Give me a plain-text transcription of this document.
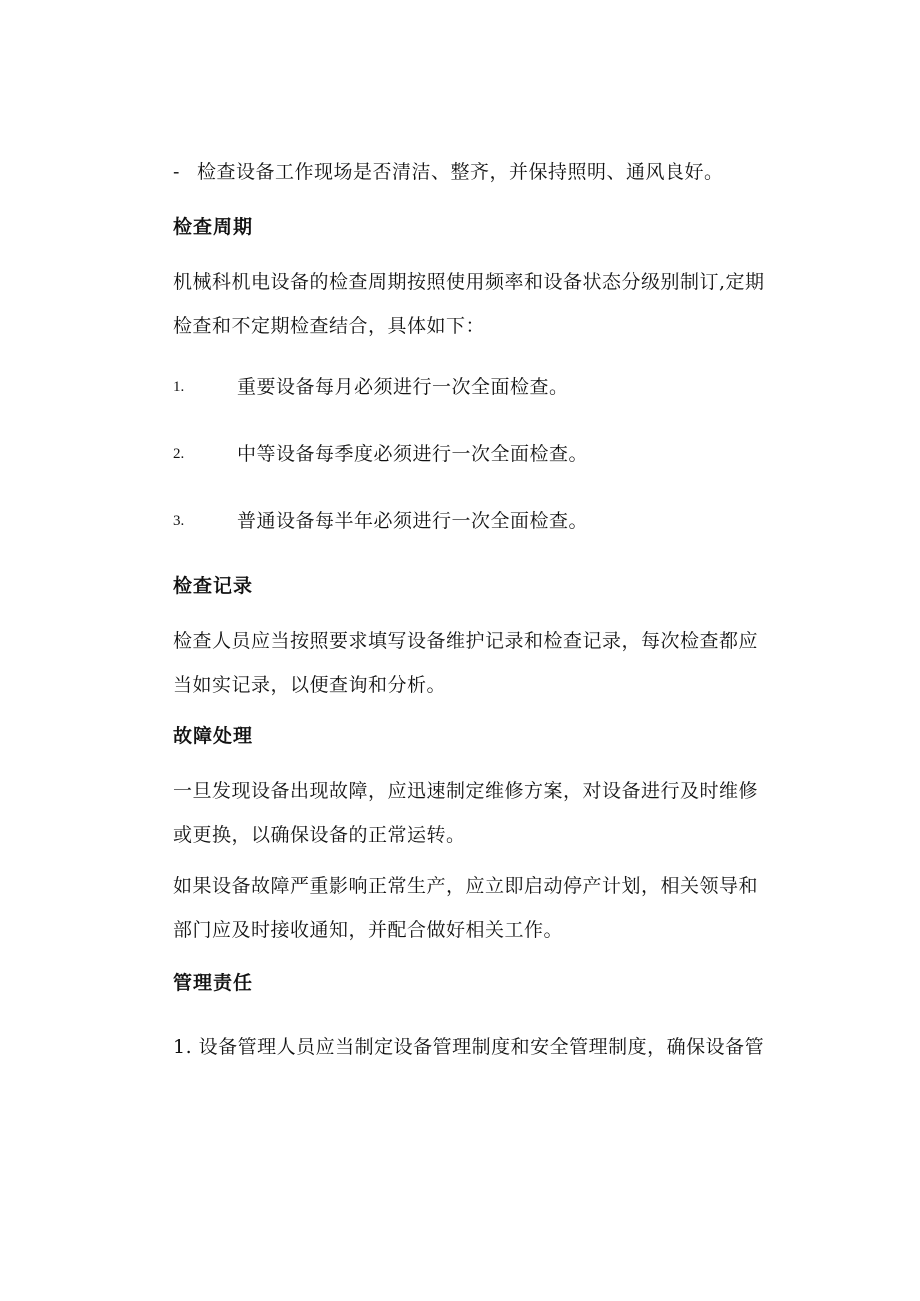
- 检查设备工作现场是否清洁、整齐，并保持照明、通风良好。
检查周期
机械科机电设备的检查周期按照使用频率和设备状态分级别制订,定期
检查和不定期检查结合，具体如下：
1.	重要设备每月必须进行一次全面检查。
2.	中等设备每季度必须进行一次全面检查。
3.	普通设备每半年必须进行一次全面检查。
检查记录
检查人员应当按照要求填写设备维护记录和检查记录，每次检查都应
当如实记录，以便查询和分析。
故障处理
一旦发现设备出现故障，应迅速制定维修方案，对设备进行及时维修
或更换，以确保设备的正常运转。
如果设备故障严重影响正常生产，应立即启动停产计划，相关领导和
部门应及时接收通知，并配合做好相关工作。
管理责任
1. 设备管理人员应当制定设备管理制度和安全管理制度，确保设备管
